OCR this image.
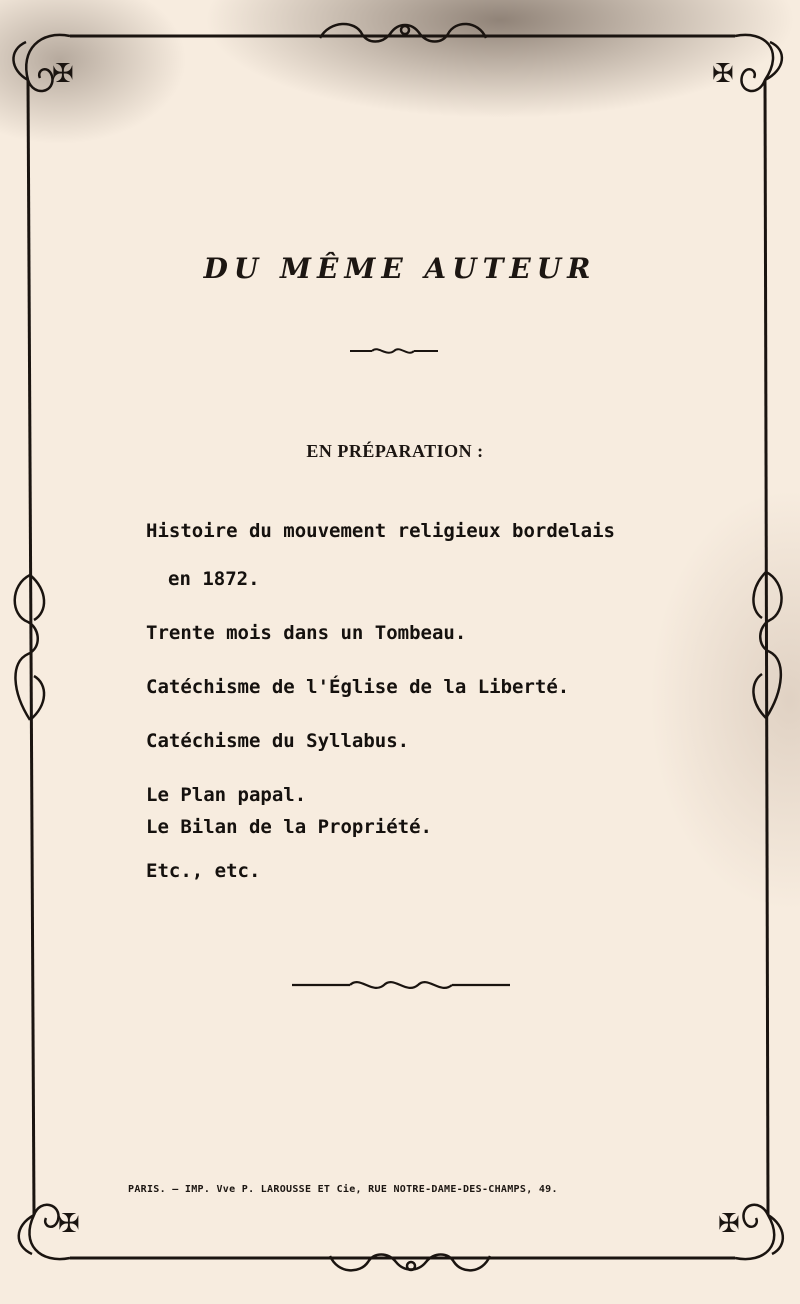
✠	✠
✠	✠
DU MÊME AUTEUR
EN PRÉPARATION :
Histoire du mouvement religieux bordelais
en 1872.
Trente mois dans un Tombeau.
Catéchisme de l'Église de la Liberté.
Catéchisme du Syllabus.
Le Plan papal.
Le Bilan de la Propriété.
Etc., etc.
PARIS. — IMP. Vve P. LAROUSSE ET Cie, RUE NOTRE-DAME-DES-CHAMPS, 49.
